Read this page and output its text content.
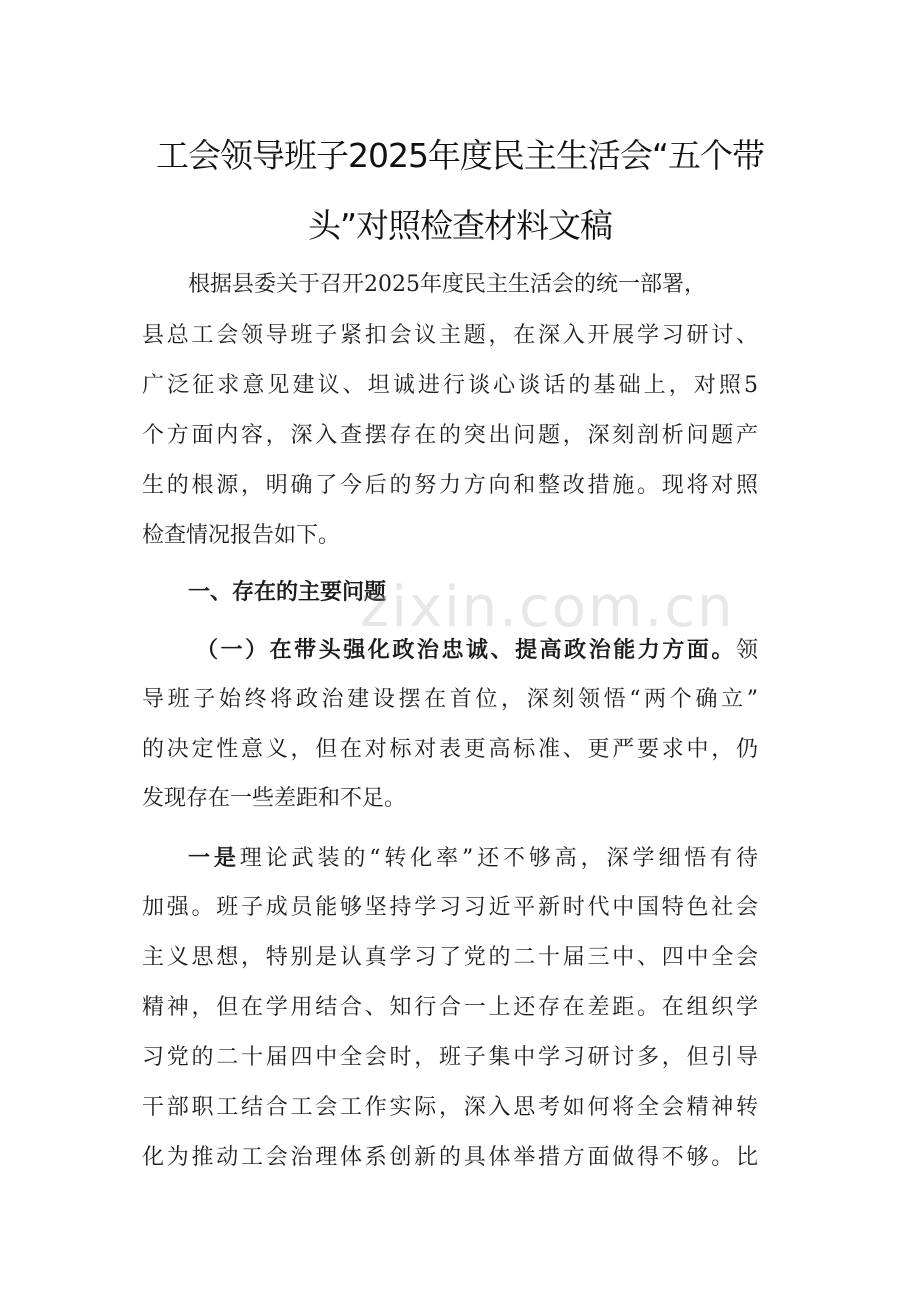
工会领导班子2025年度民主生活会“五个带
头”对照检查材料文稿
根据县委关于召开2025年度民主生活会的统一部署，
县总工会领导班子紧扣会议主题，在深入开展学习研讨、
广泛征求意见建议、坦诚进行谈心谈话的基础上，对照5
个方面内容，深入查摆存在的突出问题，深刻剖析问题产
生的根源，明确了今后的努力方向和整改措施。现将对照
检查情况报告如下。
一、存在的主要问题
zixin.com.cn
（一）在带头强化政治忠诚、提高政治能力方面。领
导班子始终将政治建设摆在首位，深刻领悟“两个确立”
的决定性意义，但在对标对表更高标准、更严要求中，仍
发现存在一些差距和不足。
一是理论武装的“转化率”还不够高，深学细悟有待
加强。班子成员能够坚持学习习近平新时代中国特色社会
主义思想，特别是认真学习了党的二十届三中、四中全会
精神，但在学用结合、知行合一上还存在差距。在组织学
习党的二十届四中全会时，班子集中学习研讨多，但引导
干部职工结合工会工作实际，深入思考如何将全会精神转
化为推动工会治理体系创新的具体举措方面做得不够。比
